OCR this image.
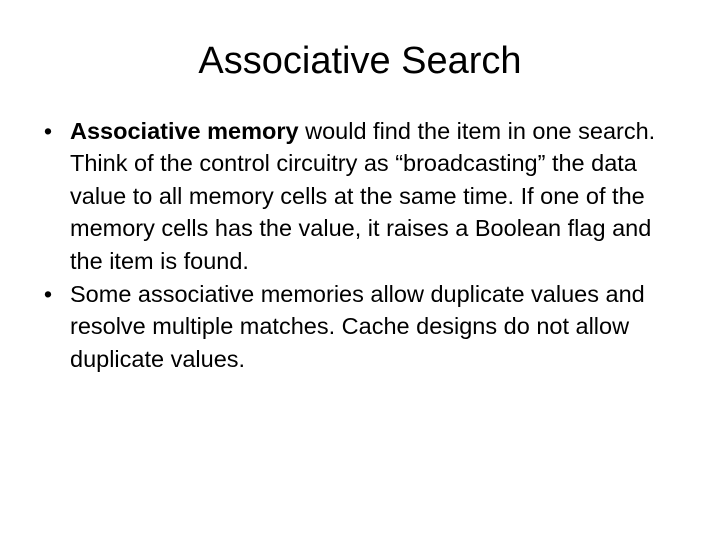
Associative Search
• Associative memory would find the item in one search. Think of the control circuitry as “broadcasting” the data value to all memory cells at the same time. If one of the memory cells has the value, it raises a Boolean flag and the item is found.
• Some associative memories allow duplicate values and resolve multiple matches. Cache designs do not allow duplicate values.
